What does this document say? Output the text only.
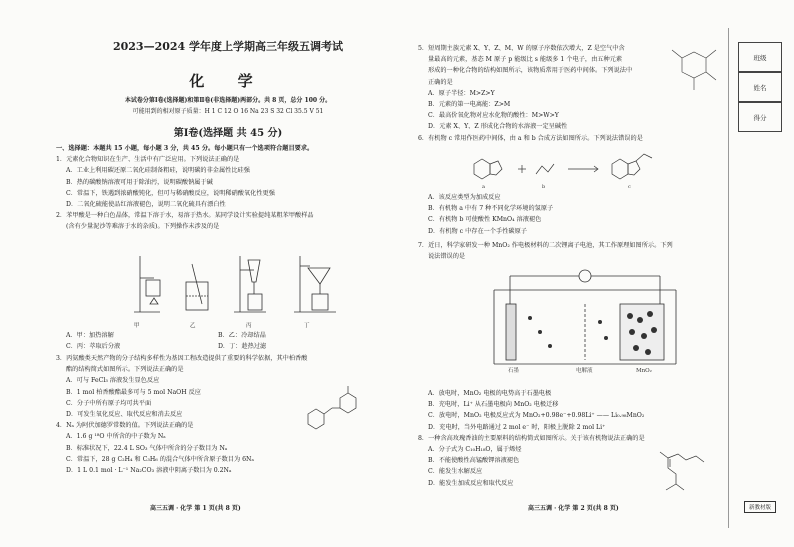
2023—2024 学年度上学期高三年级五调考试
化 学
本试卷分第Ⅰ卷(选择题)和第Ⅱ卷(非选择题)两部分。共 8 页，总分 100 分。
可能用到的相对原子质量：H 1 C 12 O 16 Na 23 S 32 Cl 35.5 V 51
第Ⅰ卷(选择题 共 45 分)
一、选择题：本题共 15 小题，每小题 3 分，共 45 分。每小题只有一个选项符合题目要求。
1．元素化合物知识在生产、生活中有广泛应用。下列说法正确的是
A．工业上利用碳还原二氧化硅制备粗硅，说明碳的非金属性比硅强
B．热的碳酸钠溶液可用于除油污，说明碳酸钠属于碱
C．常温下，铁遇到浓硝酸钝化，但可与稀硝酸反应，说明稀硝酸氧化性更强
D．二氧化硫能使品红溶液褪色，说明二氧化硫具有漂白性
2．苯甲酸是一种白色晶体，常温下溶于水，易溶于热水。某同学设计实验提纯某粗苯甲酸样品
(含有少量泥沙等难溶于水的杂质)。下列操作未涉及的是
甲	乙	丙	丁
A．甲：加热溶解	B．乙：冷却结晶
C．丙：萃取后分液	D．丁：趁热过滤
3．丙氨酸类天然产物的分子结构多样性为基因工程改造提供了重要的科学依据，其中柏香酸
酯的结构简式如图所示。下列说法正确的是
A．可与 FeCl₃ 溶液发生显色反应
B．1 mol 柏香酸酯最多可与 5 mol NaOH 反应
C．分子中所有原子均可共平面
D．可发生氧化反应、取代反应和消去反应
4．Nₐ 为阿伏加德罗常数的值。下列说法正确的是
A．1.6 g ¹⁸O 中所含的中子数为 Nₐ
B．标准状况下，22.4 L SO₃ 气体中所含的分子数目为 Nₐ
C．常温下，28 g C₂H₄ 和 C₃H₆ 的混合气体中所含原子数目为 6Nₐ
D．1 L 0.1 mol · L⁻¹ Na₂CO₃ 溶液中阴离子数目为 0.2Nₐ
高三五调 · 化学 第 1 页(共 8 页)
5．短周期主族元素 X、Y、Z、M、W 的原子序数依次增大，Z 是空气中含
量最高的元素，基态 M 原子 p 能级比 s 能级多 1 个电子，由五种元素
形成的一种化合物的结构如图所示，该物质常用于医药中间体。下列说法中
正确的是
A．原子半径：M>Z>Y
B．元素的第一电离能：Z>M
C．最高价氧化物对应水化物的酸性：M>W>Y
D．元素 X、Y、Z 形成化合物的水溶液一定呈碱性
6．有机物 c 常用作医药中间体，由 a 和 b 合成方法如图所示。下列说法错误的是
a	b	c
A．该反应类型为加成反应
B．有机物 a 中有 7 种不同化学环境的氢原子
C．有机物 b 可使酸性 KMnO₄ 溶液褪色
D．有机物 c 中存在一个手性碳原子
7．近日，科学家研发一种 MnO₂ 作电极材料的二次锂离子电池，其工作原理如图所示。下列
说法错误的是
石墨	电解液	MnO₂
A．放电时，MnO₂ 电极的电势高于石墨电极
B．充电时，Li⁺ 从石墨电极向 MnO₂ 电极迁移
C．放电时，MnO₂ 电极反应式为 MnO₂+0.98e⁻+0.98Li⁺ —— Li₀.₉₈MnO₂
D．充电时，当外电路通过 2 mol e⁻ 时，阳极上脱除 2 mol Li⁺
8．一种含高玫瑰香油的主要原料的结构简式如图所示。关于该有机物说法正确的是
A．分子式为 C₁₀H₁₈O，属于烯烃
B．不能使酸性高锰酸钾溶液褪色
C．能发生水解反应
D．能发生加成反应和取代反应
高三五调 · 化学 第 2 页(共 8 页)	新教材版
班级
姓名
得分
